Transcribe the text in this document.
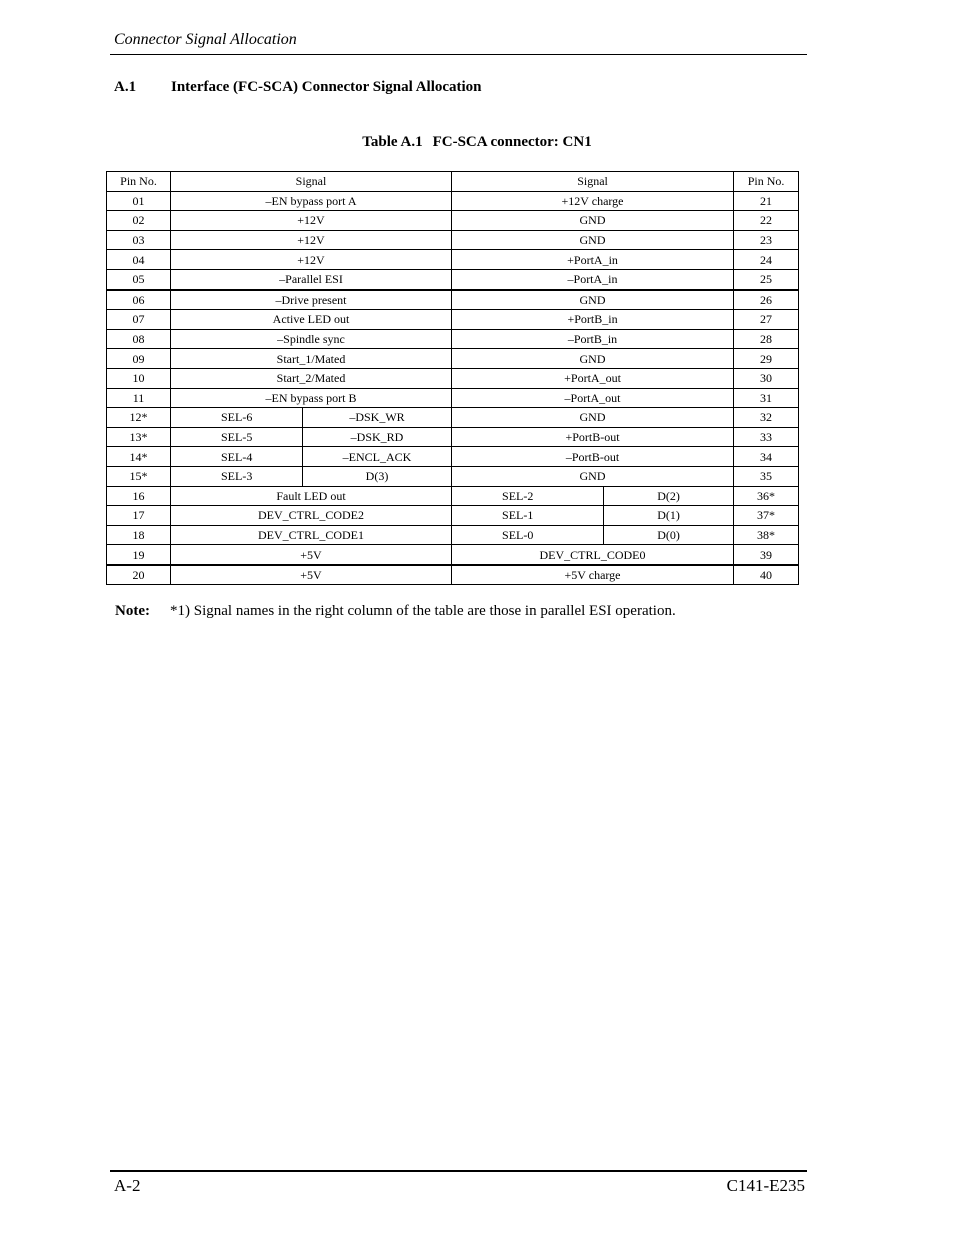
Connector Signal Allocation
A.1 Interface (FC-SCA) Connector Signal Allocation
Table A.1 FC-SCA connector: CN1
Pin No.	Signal		Signal		Pin No.
01	–EN bypass port A		+12V charge		21
02	+12V		GND		22
03	+12V		GND		23
04	+12V		+PortA_in		24
05	–Parallel ESI		–PortA_in		25
06	–Drive present		GND		26
07	Active LED out		+PortB_in		27
08	–Spindle sync		–PortB_in		28
09	Start_1/Mated		GND		29
10	Start_2/Mated		+PortA_out		30
11	–EN bypass port B		–PortA_out		31
12*	SEL-6	–DSK_WR	GND		32
13*	SEL-5	–DSK_RD	+PortB-out		33
14*	SEL-4	–ENCL_ACK	–PortB-out		34
15*	SEL-3	D(3)	GND		35
16	Fault LED out		SEL-2	D(2)	36*
17	DEV_CTRL_CODE2		SEL-1	D(1)	37*
18	DEV_CTRL_CODE1		SEL-0	D(0)	38*
19	+5V		DEV_CTRL_CODE0		39
20	+5V		+5V charge		40
Note: *1) Signal names in the right column of the table are those in parallel ESI operation.
A-2	C141-E235
